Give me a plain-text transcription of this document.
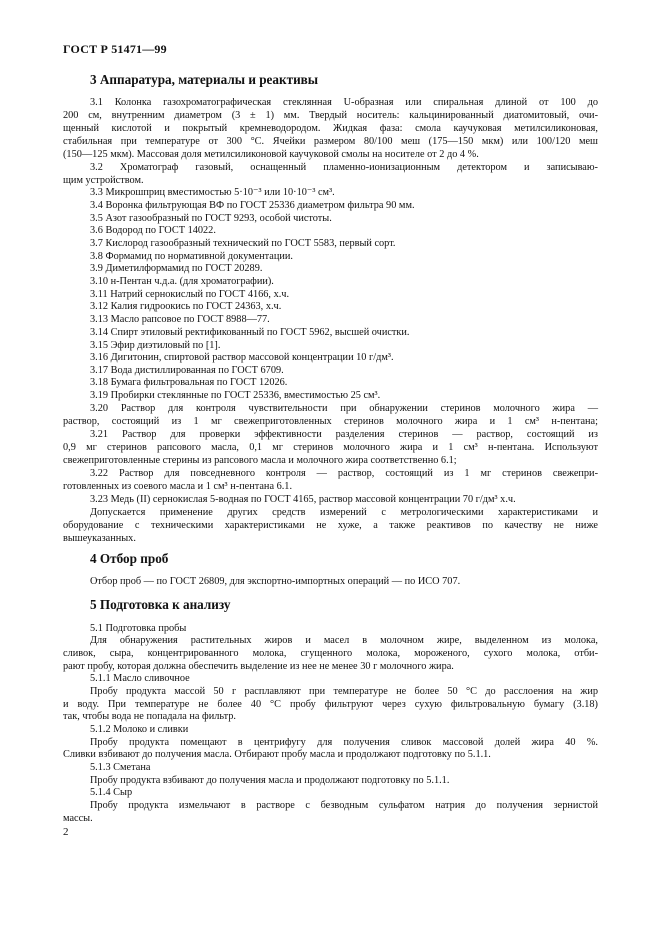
ГОСТ Р 51471—99
3 Аппаратура, материалы и реактивы
3.1 Колонка газохроматографическая стеклянная U-образная или спиральная длиной от 100 до
200 см, внутренним диаметром (3 ± 1) мм. Твердый носитель: кальцинированный диатомитовый, очи-
щенный кислотой и покрытый кремневодородом. Жидкая фаза: смола каучуковая метилсиликоновая,
стабильная при температуре от 300 °С. Ячейки размером 80/100 меш (175—150 мкм) или 100/120 меш
(150—125 мкм). Массовая доля метилсиликоновой каучуковой смолы на носителе от 2 до 4 %.
3.2 Хроматограф газовый, оснащенный пламенно-ионизационным детектором и записываю-
щим устройством.
3.3 Микрошприц вместимостью 5·10⁻³ или 10·10⁻³ см³.
3.4 Воронка фильтрующая ВФ по ГОСТ 25336 диаметром фильтра 90 мм.
3.5 Азот газообразный по ГОСТ 9293, особой чистоты.
3.6 Водород по ГОСТ 14022.
3.7 Кислород газообразный технический по ГОСТ 5583, первый сорт.
3.8 Формамид по нормативной документации.
3.9 Диметилформамид по ГОСТ 20289.
3.10 н-Пентан ч.д.а. (для хроматографии).
3.11 Натрий сернокислый по ГОСТ 4166, х.ч.
3.12 Калия гидроокись по ГОСТ 24363, х.ч.
3.13 Масло рапсовое по ГОСТ 8988—77.
3.14 Спирт этиловый ректификованный по ГОСТ 5962, высшей очистки.
3.15 Эфир диэтиловый по [1].
3.16 Дигитонин, спиртовой раствор массовой концентрации 10 г/дм³.
3.17 Вода дистиллированная по ГОСТ 6709.
3.18 Бумага фильтровальная по ГОСТ 12026.
3.19 Пробирки стеклянные по ГОСТ 25336, вместимостью 25 см³.
3.20 Раствор для контроля чувствительности при обнаружении стеринов молочного жира —
раствор, состоящий из 1 мг свежеприготовленных стеринов молочного жира и 1 см³ н-пентана;
3.21 Раствор для проверки эффективности разделения стеринов — раствор, состоящий из
0,9 мг стеринов рапсового масла, 0,1 мг стеринов молочного жира и 1 см³ н-пентана. Используют
свежеприготовленные стерины из рапсового масла и молочного жира соответственно 6.1;
3.22 Раствор для повседневного контроля — раствор, состоящий из 1 мг стеринов свежепри-
готовленных из соевого масла и 1 см³ н-пентана 6.1.
3.23 Медь (II) сернокислая 5-водная по ГОСТ 4165, раствор массовой концентрации 70 г/дм³ х.ч.
Допускается применение других средств измерений с метрологическими характеристиками и
оборудование с техническими характеристиками не хуже, а также реактивов по качеству не ниже
вышеуказанных.
4 Отбор проб
Отбор проб — по ГОСТ 26809, для экспортно-импортных операций — по ИСО 707.
5 Подготовка к анализу
5.1 Подготовка пробы
Для обнаружения растительных жиров и масел в молочном жире, выделенном из молока,
сливок, сыра, концентрированного молока, сгущенного молока, мороженого, сухого молока, отби-
рают пробу, которая должна обеспечить выделение из нее не менее 30 г молочного жира.
5.1.1 Масло сливочное
Пробу продукта массой 50 г расплавляют при температуре не более 50 °С до расслоения на жир
и воду. При температуре не более 40 °С пробу фильтруют через сухую фильтровальную бумагу (3.18)
так, чтобы вода не попадала на фильтр.
5.1.2 Молоко и сливки
Пробу продукта помещают в центрифугу для получения сливок массовой долей жира 40 %.
Сливки взбивают до получения масла. Отбирают пробу масла и продолжают подготовку по 5.1.1.
5.1.3 Сметана
Пробу продукта взбивают до получения масла и продолжают подготовку по 5.1.1.
5.1.4 Сыр
Пробу продукта измельчают в растворе с безводным сульфатом натрия до получения зернистой
массы.
2
